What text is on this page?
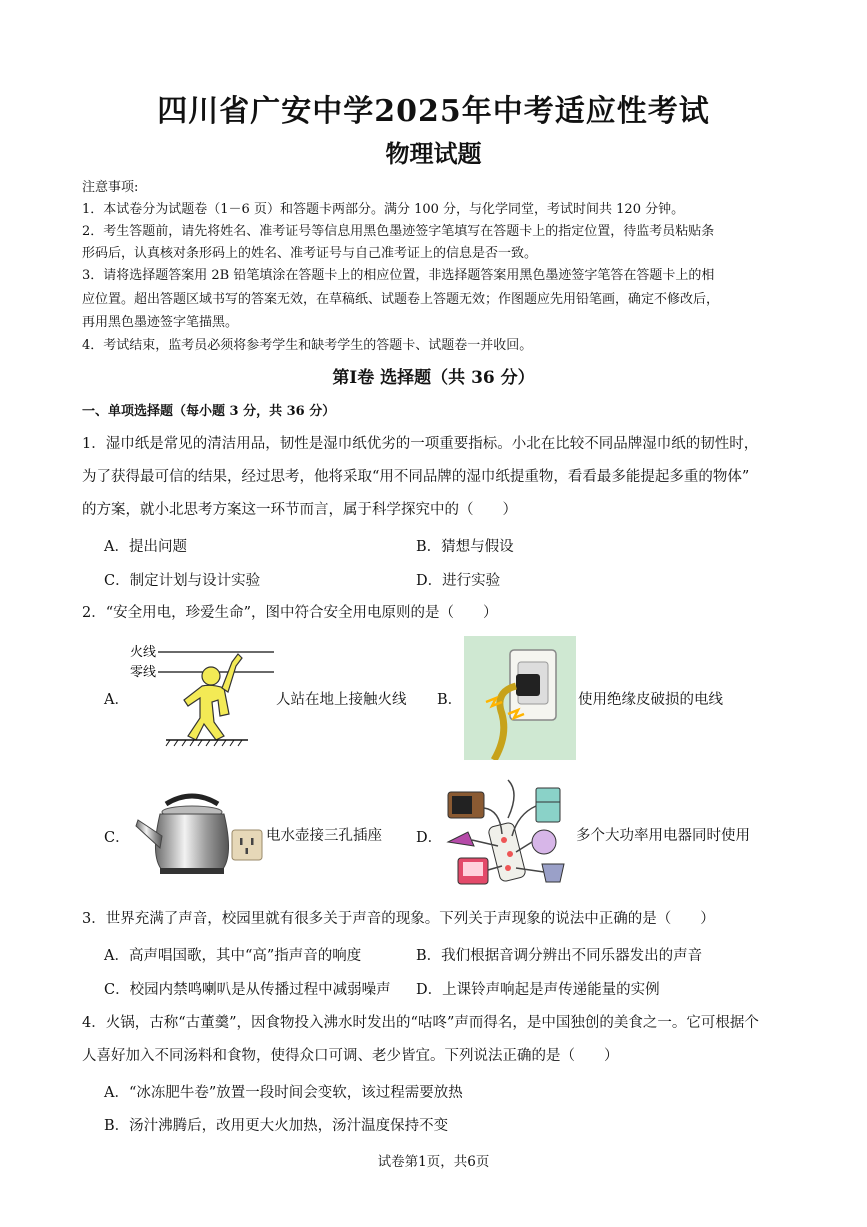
四川省广安中学2025年中考适应性考试
物理试题
注意事项:
1．本试卷分为试题卷（1－6 页）和答题卡两部分。满分 100 分，与化学同堂，考试时间共 120 分钟。
2．考生答题前，请先将姓名、准考证号等信息用黑色墨迹签字笔填写在答题卡上的指定位置，待监考员粘贴条
形码后，认真核对条形码上的姓名、准考证号与自己准考证上的信息是否一致。
3．请将选择题答案用 2B 铅笔填涂在答题卡上的相应位置，非选择题答案用黑色墨迹签字笔答在答题卡上的相
应位置。超出答题区域书写的答案无效，在草稿纸、试题卷上答题无效；作图题应先用铅笔画，确定不修改后，
再用黑色墨迹签字笔描黑。
4．考试结束，监考员必须将参考学生和缺考学生的答题卡、试题卷一并收回。
第Ⅰ卷 选择题（共 36 分）
一、单项选择题（每小题 3 分，共 36 分）
1．湿巾纸是常见的清洁用品，韧性是湿巾纸优劣的一项重要指标。小北在比较不同品牌湿巾纸的韧性时，
为了获得最可信的结果，经过思考，他将采取“用不同品牌的湿巾纸提重物，看看最多能提起多重的物体”
的方案，就小北思考方案这一环节而言，属于科学探究中的（　　）
A．提出问题	B．猜想与假设
C．制定计划与设计实验	D．进行实验
2．“安全用电，珍爱生命”，图中符合安全用电原则的是（　　）
A．
火线
零线
人站在地上接触火线 B．	使用绝缘皮破损的电线
C．	电水壶接三孔插座 D．	多个大功率用电器同时使用
3．世界充满了声音，校园里就有很多关于声音的现象。下列关于声现象的说法中正确的是（　　）
A．高声唱国歌，其中“高”指声音的响度	B．我们根据音调分辨出不同乐器发出的声音
C．校园内禁鸣喇叭是从传播过程中减弱噪声 D．上课铃声响起是声传递能量的实例
4．火锅，古称“古董羹”，因食物投入沸水时发出的“咕咚”声而得名，是中国独创的美食之一。它可根据个
人喜好加入不同汤料和食物，使得众口可调、老少皆宜。下列说法正确的是（　　）
A．“冰冻肥牛卷”放置一段时间会变软，该过程需要放热
B．汤汁沸腾后，改用更大火加热，汤汁温度保持不变
试卷第1页，共6页
